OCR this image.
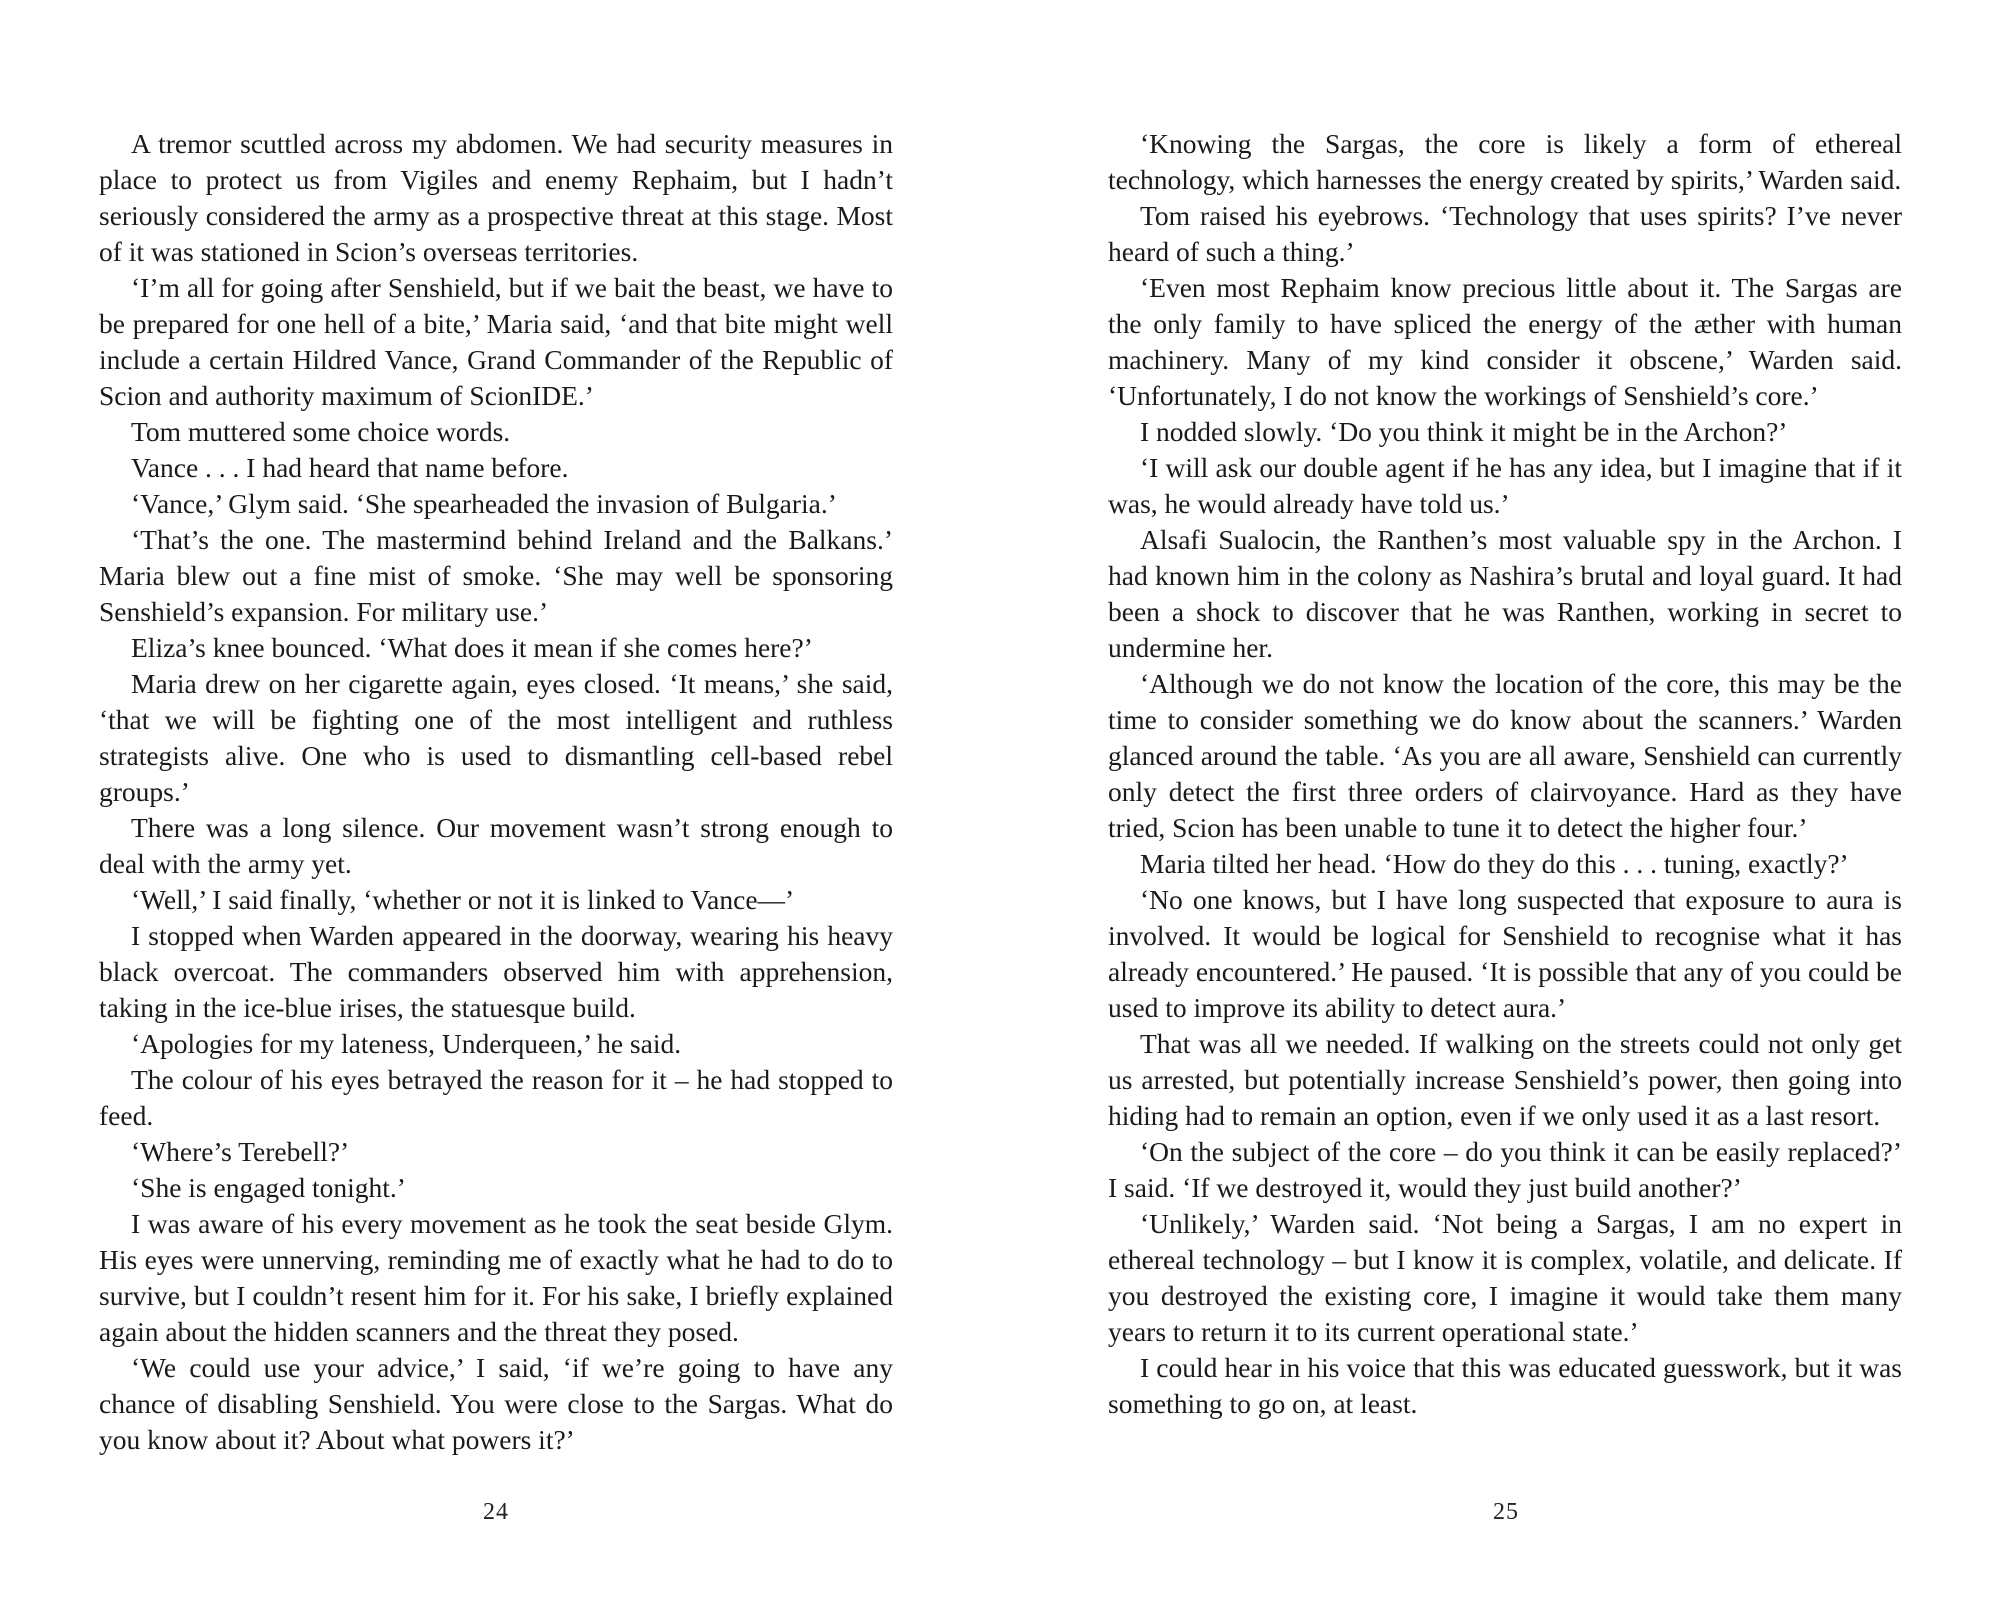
A tremor scuttled across my abdomen. We had security measures in place to protect us from Vigiles and enemy Rephaim, but I hadn’t seriously considered the army as a prospective threat at this stage. Most of it was stationed in Scion’s overseas territories.

‘I’m all for going after Senshield, but if we bait the beast, we have to be prepared for one hell of a bite,’ Maria said, ‘and that bite might well include a certain Hildred Vance, Grand Commander of the Republic of Scion and authority maximum of ScionIDE.’

Tom muttered some choice words.

Vance . . . I had heard that name before.

‘Vance,’ Glym said. ‘She spearheaded the invasion of Bulgaria.’

‘That’s the one. The mastermind behind Ireland and the Balkans.’ Maria blew out a fine mist of smoke. ‘She may well be sponsoring Senshield’s expansion. For military use.’

Eliza’s knee bounced. ‘What does it mean if she comes here?’

Maria drew on her cigarette again, eyes closed. ‘It means,’ she said, ‘that we will be fighting one of the most intelligent and ruthless strategists alive. One who is used to dismantling cell-based rebel groups.’

There was a long silence. Our movement wasn’t strong enough to deal with the army yet.

‘Well,’ I said finally, ‘whether or not it is linked to Vance—’

I stopped when Warden appeared in the doorway, wearing his heavy black overcoat. The commanders observed him with apprehension, taking in the ice-blue irises, the statuesque build.

‘Apologies for my lateness, Underqueen,’ he said.

The colour of his eyes betrayed the reason for it – he had stopped to feed.

‘Where’s Terebell?’

‘She is engaged tonight.’

I was aware of his every movement as he took the seat beside Glym. His eyes were unnerving, reminding me of exactly what he had to do to survive, but I couldn’t resent him for it. For his sake, I briefly explained again about the hidden scanners and the threat they posed.

‘We could use your advice,’ I said, ‘if we’re going to have any chance of disabling Senshield. You were close to the Sargas. What do you know about it? About what powers it?’

24

‘Knowing the Sargas, the core is likely a form of ethereal technology, which harnesses the energy created by spirits,’ Warden said.

Tom raised his eyebrows. ‘Technology that uses spirits? I’ve never heard of such a thing.’

‘Even most Rephaim know precious little about it. The Sargas are the only family to have spliced the energy of the æther with human machinery. Many of my kind consider it obscene,’ Warden said. ‘Unfortunately, I do not know the workings of Senshield’s core.’

I nodded slowly. ‘Do you think it might be in the Archon?’

‘I will ask our double agent if he has any idea, but I imagine that if it was, he would already have told us.’

Alsafi Sualocin, the Ranthen’s most valuable spy in the Archon. I had known him in the colony as Nashira’s brutal and loyal guard. It had been a shock to discover that he was Ranthen, working in secret to undermine her.

‘Although we do not know the location of the core, this may be the time to consider something we do know about the scanners.’ Warden glanced around the table. ‘As you are all aware, Senshield can currently only detect the first three orders of clairvoyance. Hard as they have tried, Scion has been unable to tune it to detect the higher four.’

Maria tilted her head. ‘How do they do this . . . tuning, exactly?’

‘No one knows, but I have long suspected that exposure to aura is involved. It would be logical for Senshield to recognise what it has already encountered.’ He paused. ‘It is possible that any of you could be used to improve its ability to detect aura.’

That was all we needed. If walking on the streets could not only get us arrested, but potentially increase Senshield’s power, then going into hiding had to remain an option, even if we only used it as a last resort.

‘On the subject of the core – do you think it can be easily replaced?’ I said. ‘If we destroyed it, would they just build another?’

‘Unlikely,’ Warden said. ‘Not being a Sargas, I am no expert in ethereal technology – but I know it is complex, volatile, and delicate. If you destroyed the existing core, I imagine it would take them many years to return it to its current operational state.’

I could hear in his voice that this was educated guesswork, but it was something to go on, at least.

25
